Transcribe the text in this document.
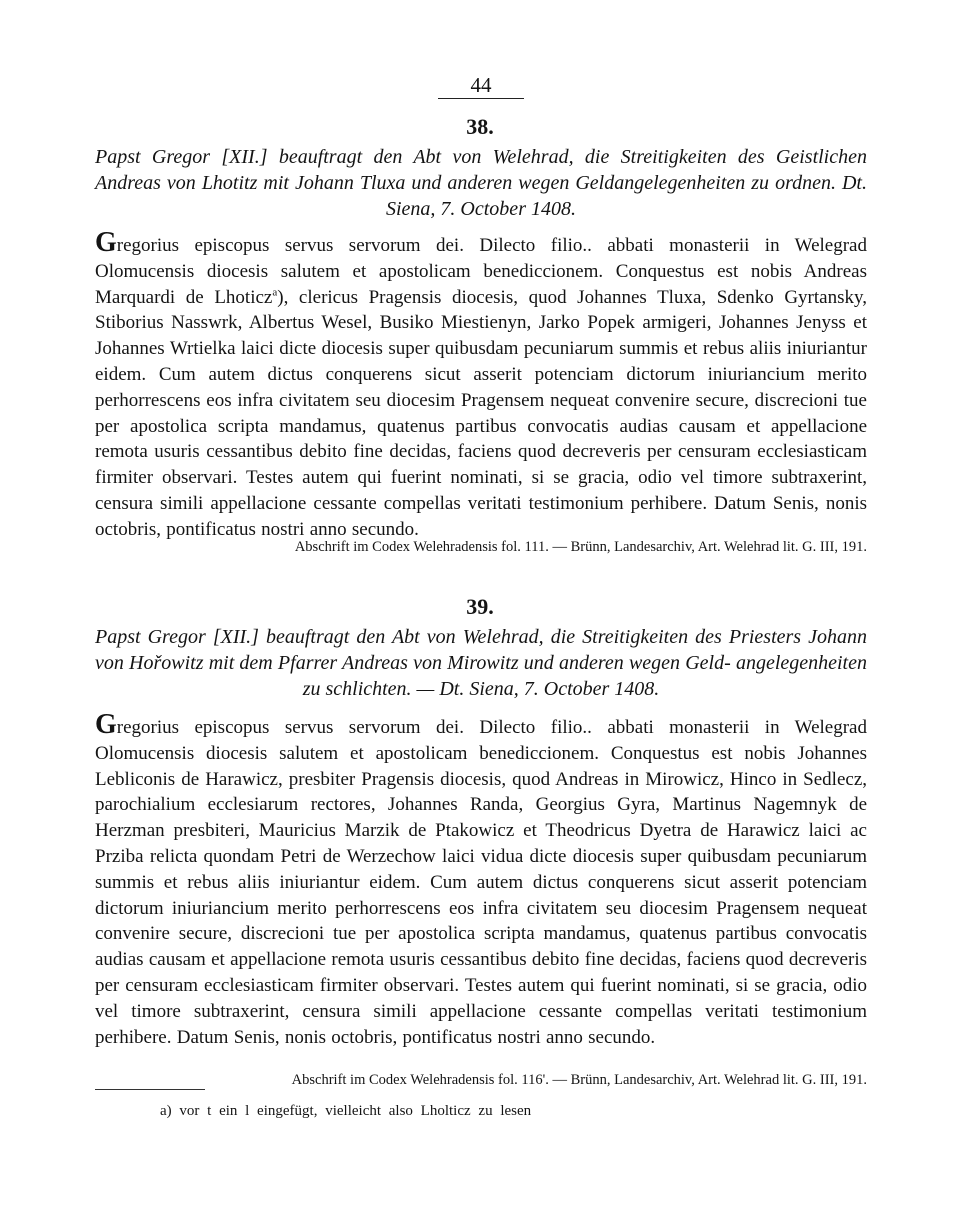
44
38.
Papst Gregor [XII.] beauftragt den Abt von Welehrad, die Streitigkeiten des Geistlichen Andreas von Lhotitz mit Johann Tluxa und anderen wegen Geldangelegenheiten zu ordnen. Dt. Siena, 7. October 1408.
Gregorius episcopus servus servorum dei. Dilecto filio.. abbati monasterii in Welegrad Olomucensis diocesis salutem et apostolicam benediccionem. Conquestus est nobis Andreas Marquardi de Lhoticz$^a$), clericus Pragensis diocesis, quod Johannes Tluxa, Sdenko Gyrtansky, Stiborius Nasswrk, Albertus Wesel, Busiko Miestienyn, Jarko Popek armigeri, Johannes Jenyss et Johannes Wrtielka laici dicte diocesis super quibusdam pecuniarum summis et rebus aliis iniuriantur eidem. Cum autem dictus conquerens sicut asserit potenciam dictorum iniuriancium merito perhorrescens eos infra civitatem seu diocesim Pragensem nequeat convenire secure, discrecioni tue per apostolica scripta mandamus, quatenus partibus convocatis audias causam et appellacione remota usuris cessantibus debito fine decidas, faciens quod decreveris per censuram ecclesiasticam firmiter observari. Testes autem qui fuerint nominati, si se gracia, odio vel timore subtraxerint, censura simili appellacione cessante compellas veritati testimonium perhibere. Datum Senis, nonis octobris, pontificatus nostri anno secundo.
Abschrift im Codex Welehradensis fol. 111. — Brünn, Landesarchiv, Art. Welehrad lit. G. III, 191.
39.
Papst Gregor [XII.] beauftragt den Abt von Welehrad, die Streitigkeiten des Priesters Johann von Hořowitz mit dem Pfarrer Andreas von Mirowitz und anderen wegen Geld- angelegenheiten zu schlichten. — Dt. Siena, 7. October 1408.
Gregorius episcopus servus servorum dei. Dilecto filio.. abbati monasterii in Welegrad Olomucensis diocesis salutem et apostolicam benediccionem. Conquestus est nobis Johannes Lebliconis de Harawicz, presbiter Pragensis diocesis, quod Andreas in Mirowicz, Hinco in Sedlecz, parochialium ecclesiarum rectores, Johannes Randa, Georgius Gyra, Martinus Nagemnyk de Herzman presbiteri, Mauricius Marzik de Ptakowicz et Theodricus Dyetra de Harawicz laici ac Prziba relicta quondam Petri de Werzechow laici vidua dicte diocesis super quibusdam pecuniarum summis et rebus aliis iniuriantur eidem. Cum autem dictus conquerens sicut asserit potenciam dictorum iniuriancium merito perhorrescens eos infra civitatem seu diocesim Pragensem nequeat convenire secure, discrecioni tue per apostolica scripta mandamus, quatenus partibus convocatis audias causam et appellacione remota usuris cessantibus debito fine decidas, faciens quod decreveris per censuram ecclesiasticam firmiter observari. Testes autem qui fuerint nominati, si se gracia, odio vel timore subtraxerint, censura simili appellacione cessante compellas veritati testimonium perhibere. Datum Senis, nonis octobris, pontificatus nostri anno secundo.
Abschrift im Codex Welehradensis fol. 116'. — Brünn, Landesarchiv, Art. Welehrad lit. G. III, 191.
a) vor t ein l eingefügt, vielleicht also Lholticz zu lesen
